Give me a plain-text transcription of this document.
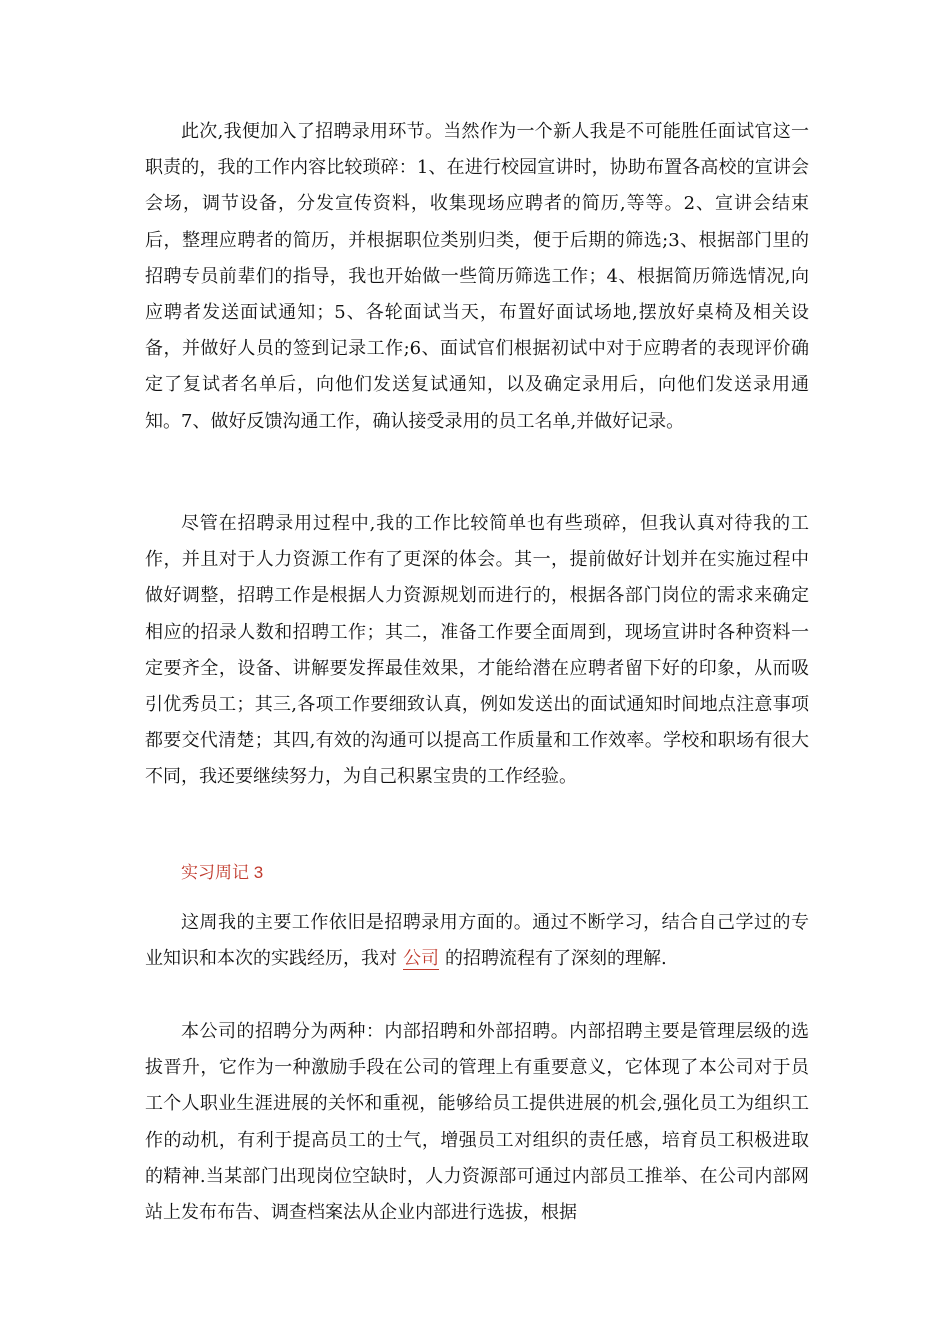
此次,我便加入了招聘录用环节。当然作为一个新人我是不可能胜任面试官这一职责的，我的工作内容比较琐碎：1、在进行校园宣讲时，协助布置各高校的宣讲会会场，调节设备，分发宣传资料，收集现场应聘者的简历,等等。2、宣讲会结束后，整理应聘者的简历，并根据职位类别归类，便于后期的筛选;3、根据部门里的招聘专员前辈们的指导，我也开始做一些简历筛选工作；4、根据简历筛选情况,向应聘者发送面试通知；5、各轮面试当天，布置好面试场地,摆放好桌椅及相关设备，并做好人员的签到记录工作;6、面试官们根据初试中对于应聘者的表现评价确定了复试者名单后，向他们发送复试通知，以及确定录用后，向他们发送录用通知。7、做好反馈沟通工作，确认接受录用的员工名单,并做好记录。

尽管在招聘录用过程中,我的工作比较简单也有些琐碎，但我认真对待我的工作，并且对于人力资源工作有了更深的体会。其一，提前做好计划并在实施过程中做好调整，招聘工作是根据人力资源规划而进行的，根据各部门岗位的需求来确定相应的招录人数和招聘工作；其二，准备工作要全面周到，现场宣讲时各种资料一定要齐全，设备、讲解要发挥最佳效果，才能给潜在应聘者留下好的印象，从而吸引优秀员工；其三,各项工作要细致认真，例如发送出的面试通知时间地点注意事项都要交代清楚；其四,有效的沟通可以提高工作质量和工作效率。学校和职场有很大不同，我还要继续努力，为自己积累宝贵的工作经验。

实习周记 3

这周我的主要工作依旧是招聘录用方面的。通过不断学习，结合自己学过的专业知识和本次的实践经历，我对 公司 的招聘流程有了深刻的理解.

本公司的招聘分为两种：内部招聘和外部招聘。内部招聘主要是管理层级的选拔晋升，它作为一种激励手段在公司的管理上有重要意义，它体现了本公司对于员工个人职业生涯进展的关怀和重视，能够给员工提供进展的机会,强化员工为组织工作的动机，有利于提高员工的士气，增强员工对组织的责任感，培育员工积极进取的精神.当某部门出现岗位空缺时，人力资源部可通过内部员工推举、在公司内部网站上发布布告、调查档案法从企业内部进行选拔，根据
